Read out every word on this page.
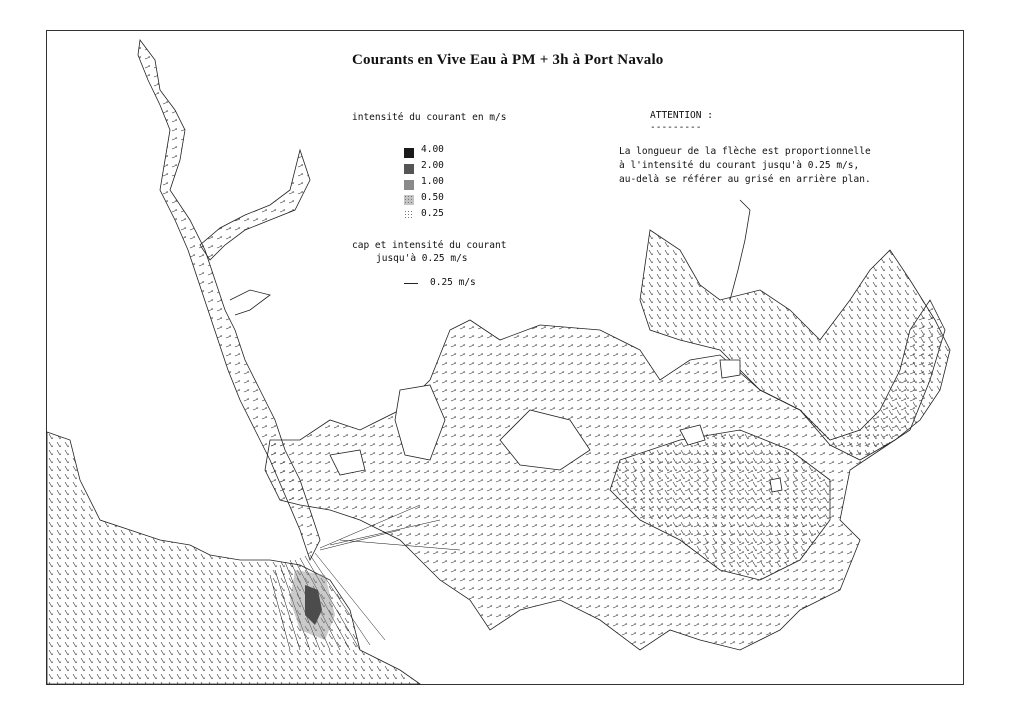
Courants en Vive Eau à PM + 3h à Port Navalo
intensité du courant en m/s
4.00
2.00
1.00
0.50
0.25
cap et intensité du courant
jusqu'à 0.25 m/s
0.25 m/s
ATTENTION :
---------
La longueur de la flèche est proportionnelle
à l'intensité du courant jusqu'à 0.25 m/s,
au-delà se référer au grisé en arrière plan.
